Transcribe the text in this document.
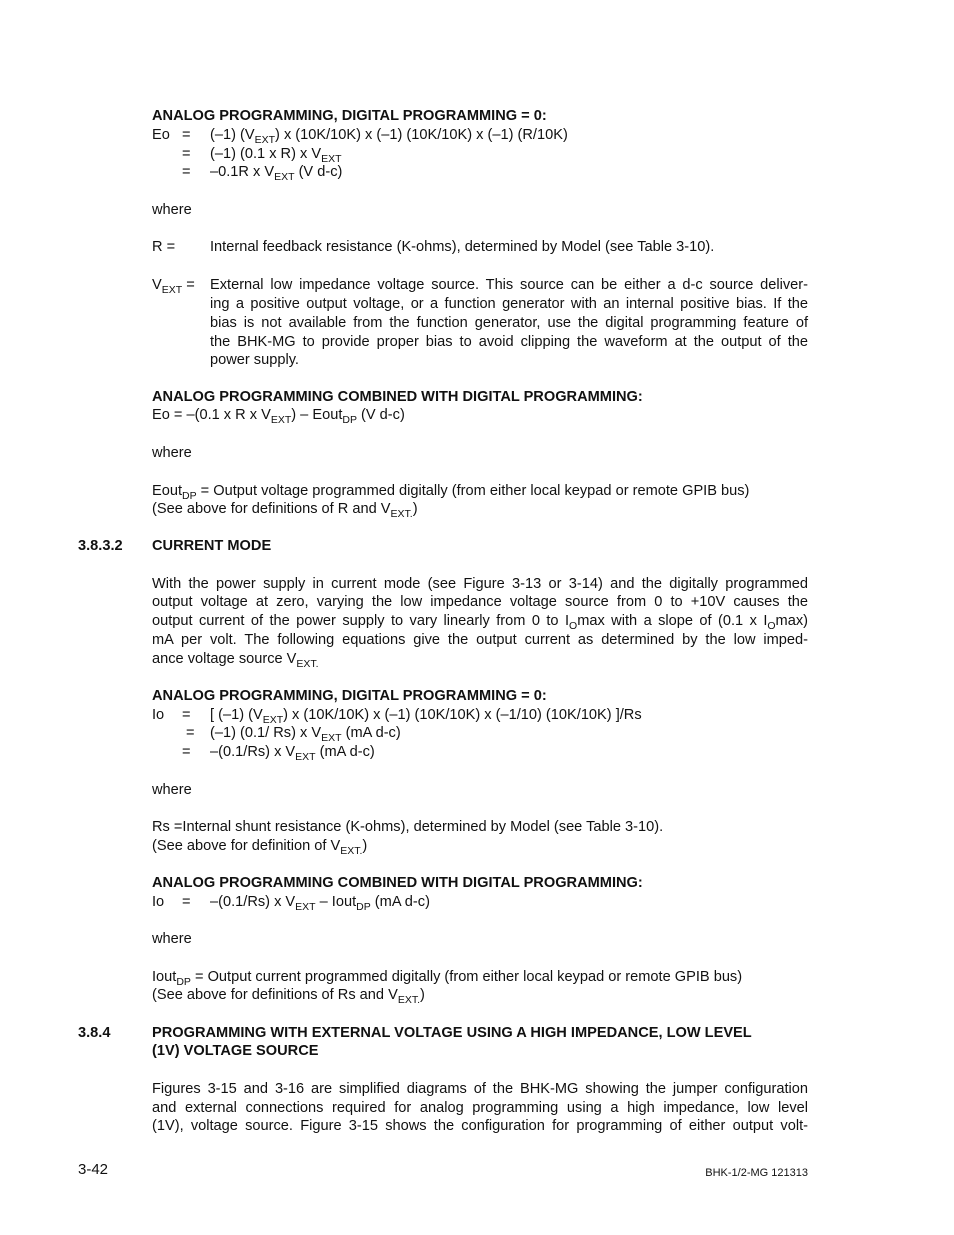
ANALOG PROGRAMMING, DIGITAL PROGRAMMING = 0:
Eo = (–1) $(V_{EXT})$ x (10K/10K) x (–1) (10K/10K) x (–1) (R/10K)
= (–1) (0.1 x R) x $V_{EXT}$
= –0.1R x $V_{EXT}$ (V d-c)
where
R = Internal feedback resistance (K-ohms), determined by Model (see Table 3-10).
$V_{EXT}$ = External low impedance voltage source. This source can be either a d-c source deliver-
ing a positive output voltage, or a function generator with an internal positive bias. If the
bias is not available from the function generator, use the digital programming feature of
the BHK-MG to provide proper bias to avoid clipping the waveform at the output of the
power supply.
ANALOG PROGRAMMING COMBINED WITH DIGITAL PROGRAMMING:
Eo = –(0.1 x R x $V_{EXT}$) – Eout$_{DP}$ (V d-c)
where
Eout$_{DP}$ = Output voltage programmed digitally (from either local keypad or remote GPIB bus)
(See above for definitions of R and $V_{EXT.}$)
3.8.3.2 CURRENT MODE
With the power supply in current mode (see Figure 3-13 or 3-14) and the digitally programmed
output voltage at zero, varying the low impedance voltage source from 0 to +10V causes the
output current of the power supply to vary linearly from 0 to $I_O\max$ with a slope of (0.1 x $I_O\max$)
mA per volt. The following equations give the output current as determined by the low imped-
ance voltage source $V_{EXT.}$
ANALOG PROGRAMMING, DIGITAL PROGRAMMING = 0:
Io = [ (–1) $(V_{EXT})$ x (10K/10K) x (–1) (10K/10K) x (–1/10) (10K/10K) ]/Rs
= (–1) (0.1/ Rs) x $V_{EXT}$ (mA d-c)
= –(0.1/Rs) x $V_{EXT}$ (mA d-c)
where
Rs =Internal shunt resistance (K-ohms), determined by Model (see Table 3-10).
(See above for definition of $V_{EXT.}$)
ANALOG PROGRAMMING COMBINED WITH DIGITAL PROGRAMMING:
Io = –(0.1/Rs) x $V_{EXT}$ – Iout$_{DP}$ (mA d-c)
where
Iout$_{DP}$ = Output current programmed digitally (from either local keypad or remote GPIB bus)
(See above for definitions of Rs and $V_{EXT.}$)
3.8.4	PROGRAMMING WITH EXTERNAL VOLTAGE USING A HIGH IMPEDANCE, LOW LEVEL
(1V) VOLTAGE SOURCE
Figures 3-15 and 3-16 are simplified diagrams of the BHK-MG showing the jumper configuration
and external connections required for analog programming using a high impedance, low level
(1V), voltage source. Figure 3-15 shows the configuration for programming of either output volt-
3-42	BHK-1/2-MG 121313
